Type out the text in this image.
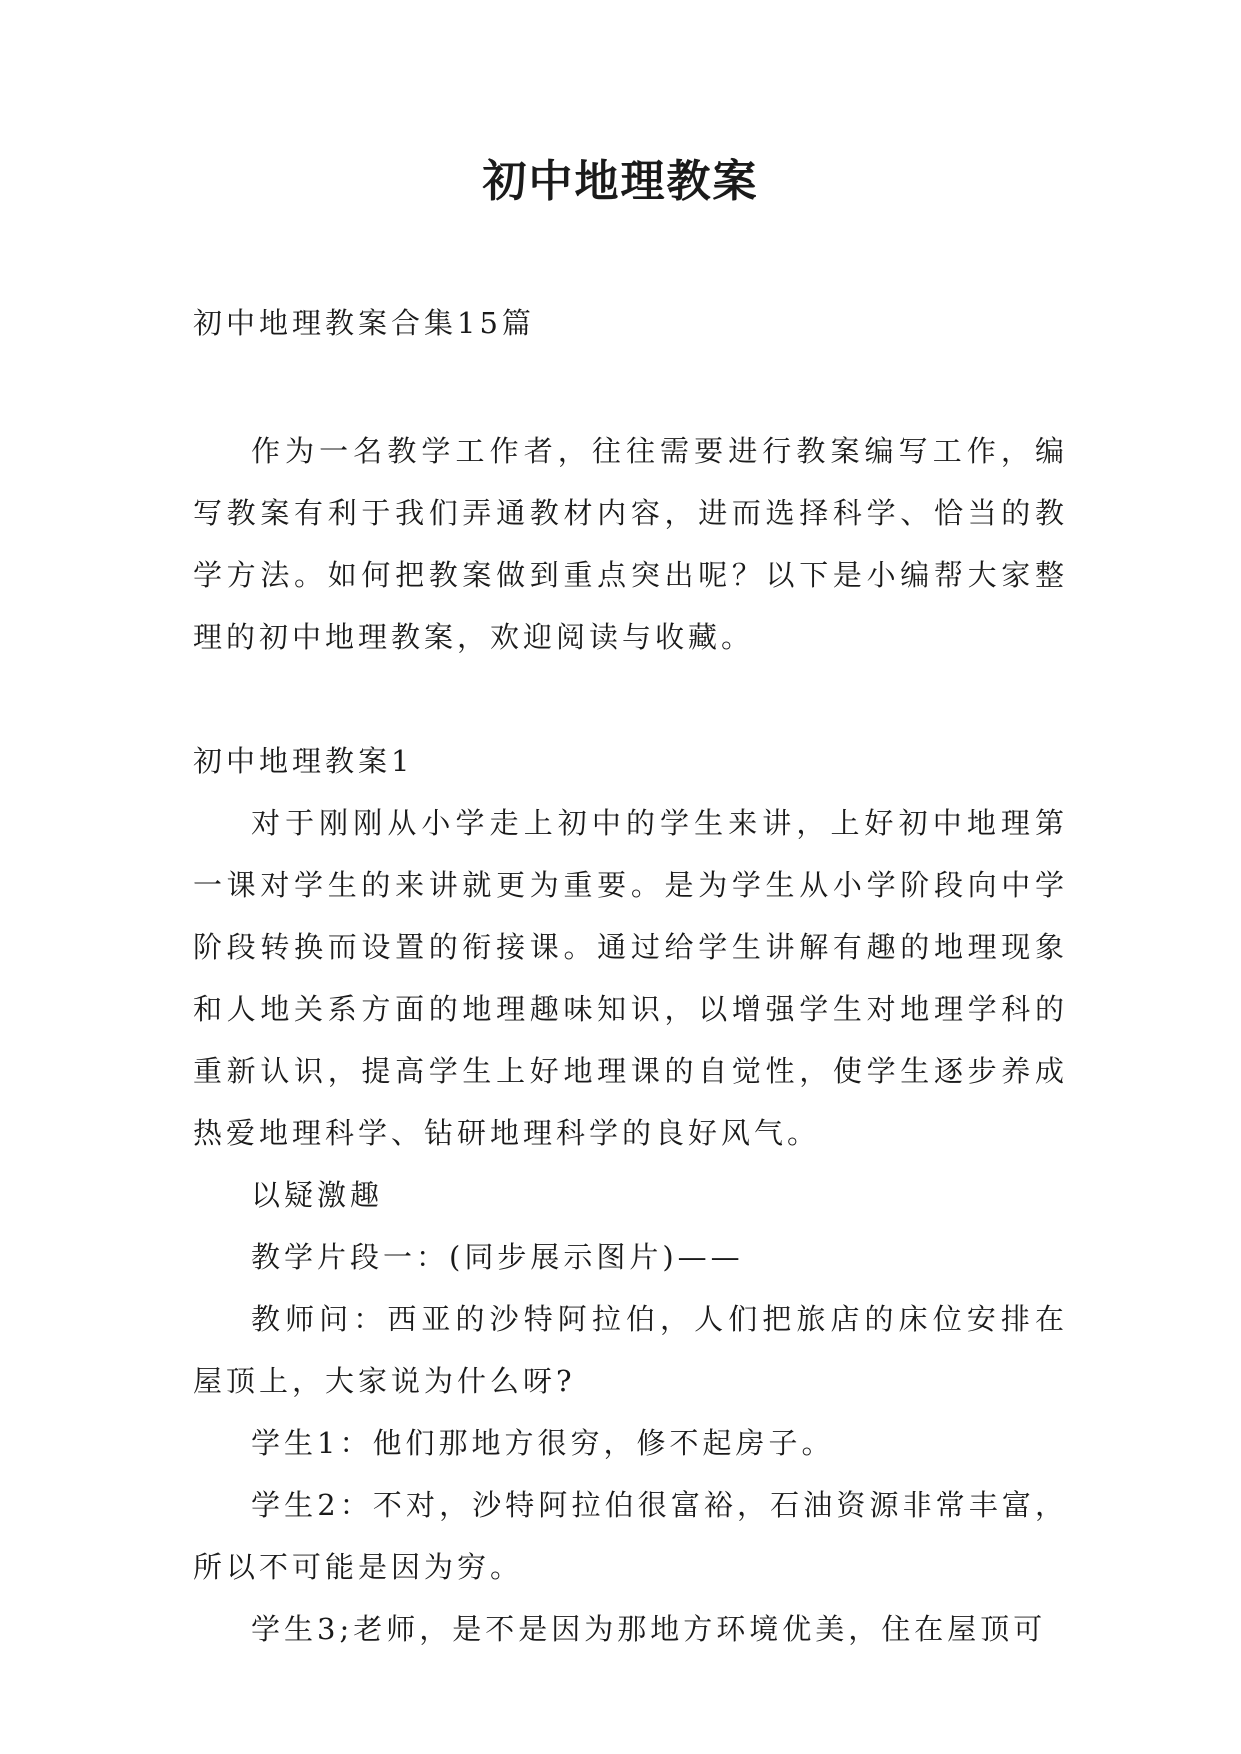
初中地理教案

初中地理教案合集15篇

作为一名教学工作者，往往需要进行教案编写工作，编写教案有利于我们弄通教材内容，进而选择科学、恰当的教学方法。如何把教案做到重点突出呢？以下是小编帮大家整理的初中地理教案，欢迎阅读与收藏。

初中地理教案1

对于刚刚从小学走上初中的学生来讲，上好初中地理第一课对学生的来讲就更为重要。是为学生从小学阶段向中学阶段转换而设置的衔接课。通过给学生讲解有趣的地理现象和人地关系方面的地理趣味知识，以增强学生对地理学科的重新认识，提高学生上好地理课的自觉性，使学生逐步养成热爱地理科学、钻研地理科学的良好风气。

以疑激趣

教学片段一：(同步展示图片)——

教师问：西亚的沙特阿拉伯，人们把旅店的床位安排在屋顶上，大家说为什么呀?

学生1：他们那地方很穷，修不起房子。

学生2：不对，沙特阿拉伯很富裕，石油资源非常丰富，所以不可能是因为穷。

学生3;老师，是不是因为那地方环境优美，住在屋顶可
